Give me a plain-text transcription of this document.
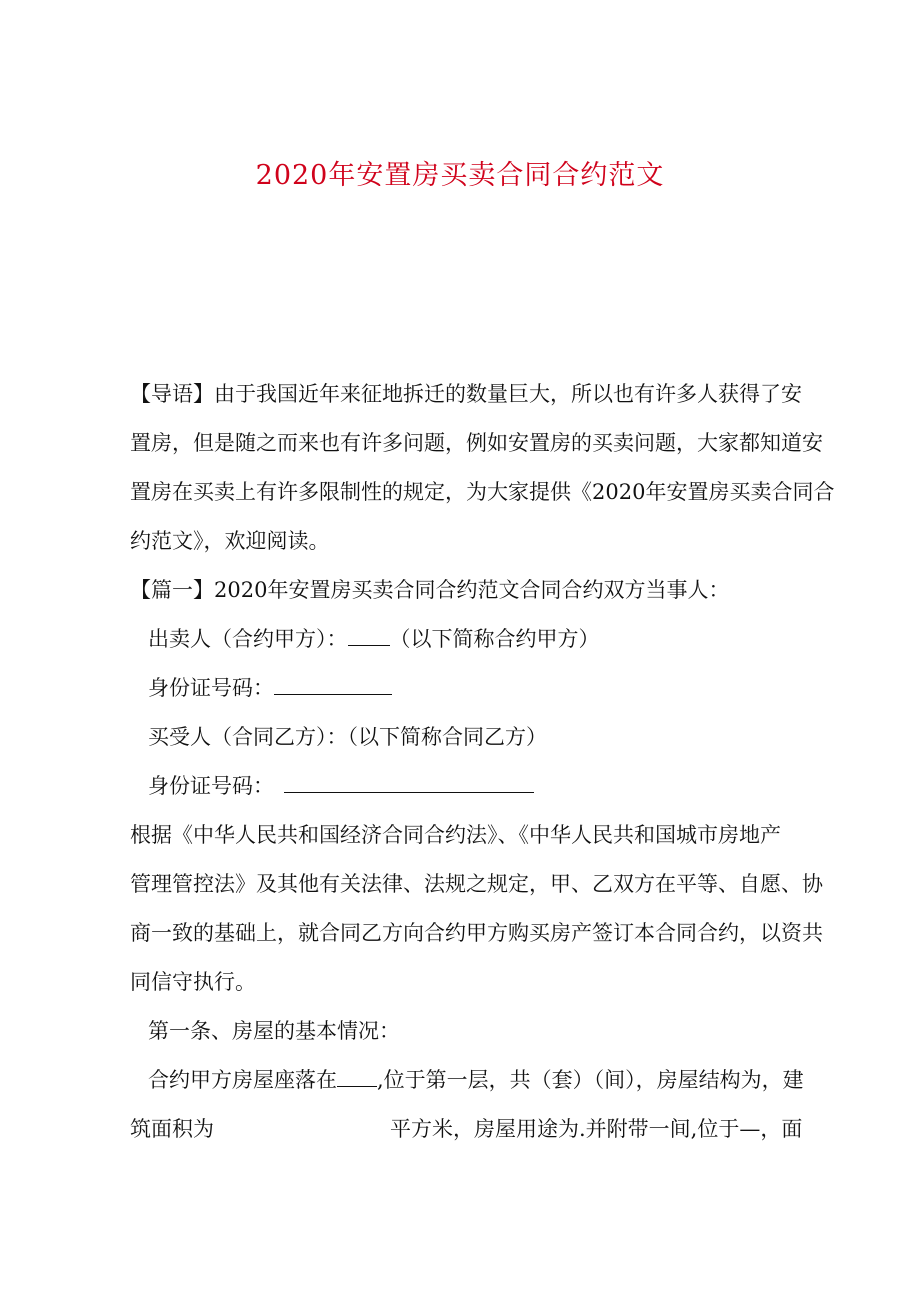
2020年安置房买卖合同合约范文
【导语】由于我国近年来征地拆迁的数量巨大，所以也有许多人获得了安
置房，但是随之而来也有许多问题，例如安置房的买卖问题，大家都知道安
置房在买卖上有许多限制性的规定，为大家提供《2020年安置房买卖合同合
约范文》，欢迎阅读。
【篇一】2020年安置房买卖合同合约范文合同合约双方当事人：
出卖人（合约甲方）： （以下简称合约甲方）
身份证号码：
买受人（合同乙方）：（以下简称合同乙方）
身份证号码：
根据《中华人民共和国经济合同合约法》、《中华人民共和国城市房地产
管理管控法》及其他有关法律、法规之规定，甲、乙双方在平等、自愿、协
商一致的基础上，就合同乙方向合约甲方购买房产签订本合同合约，以资共
同信守执行。
第一条、房屋的基本情况：
合约甲方房屋座落在 ,位于第一层，共（套）（间），房屋结构为，建
筑面积为	平方米，房屋用途为.并附带一间,位于—，面
